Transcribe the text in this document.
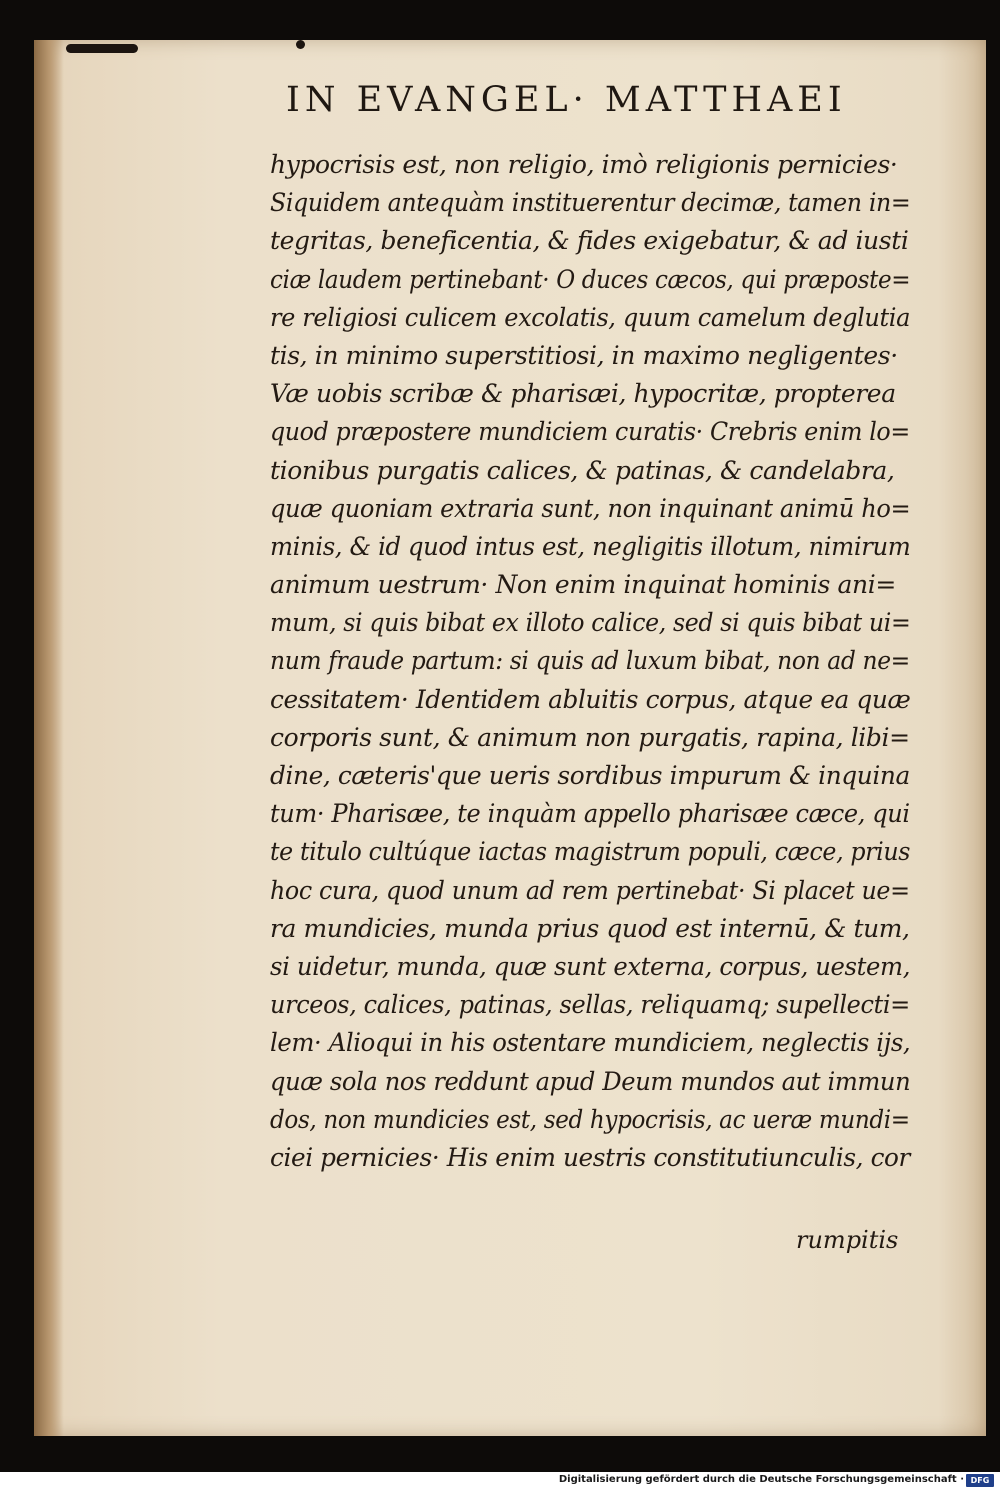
IN EVANGEL· MATTHAEI
hypocrisis est, non religio, imò religionis pernicies·
Siquidem antequàm instituerentur decimæ, tamen in=
tegritas, beneficentia, & fides exigebatur, & ad iusti
ciæ laudem pertinebant· O duces cæcos, qui præposte=
re religiosi culicem excolatis, quum camelum deglutia
tis, in minimo superstitiosi, in maximo negligentes·
Væ uobis scribæ & pharisæi, hypocritæ, propterea
quod præpostere mundiciem curatis· Crebris enim lo=
tionibus purgatis calices, & patinas, & candelabra,
quæ quoniam extraria sunt, non inquinant animū ho=
minis, & id quod intus est, negligitis illotum, nimirum
animum uestrum· Non enim inquinat hominis ani=
mum, si quis bibat ex illoto calice, sed si quis bibat ui=
num fraude partum: si quis ad luxum bibat, non ad ne=
cessitatem· Identidem abluitis corpus, atque ea quæ
corporis sunt, & animum non purgatis, rapina, libi=
dine, cæteris'que ueris sordibus impurum & inquina
tum· Pharisæe, te inquàm appello pharisæe cæce, qui
te titulo cultúque iactas magistrum populi, cæce, prius
hoc cura, quod unum ad rem pertinebat· Si placet ue=
ra mundicies, munda prius quod est internū, & tum,
si uidetur, munda, quæ sunt externa, corpus, uestem,
urceos, calices, patinas, sellas, reliquamq; supellecti=
lem· Alioqui in his ostentare mundiciem, neglectis ijs,
quæ sola nos reddunt apud Deum mundos aut immun
dos, non mundicies est, sed hypocrisis, ac ueræ mundi=
ciei pernicies· His enim uestris constitutiunculis, cor
rumpitis
Digitalisierung gefördert durch die Deutsche Forschungsgemeinschaft · DFG
